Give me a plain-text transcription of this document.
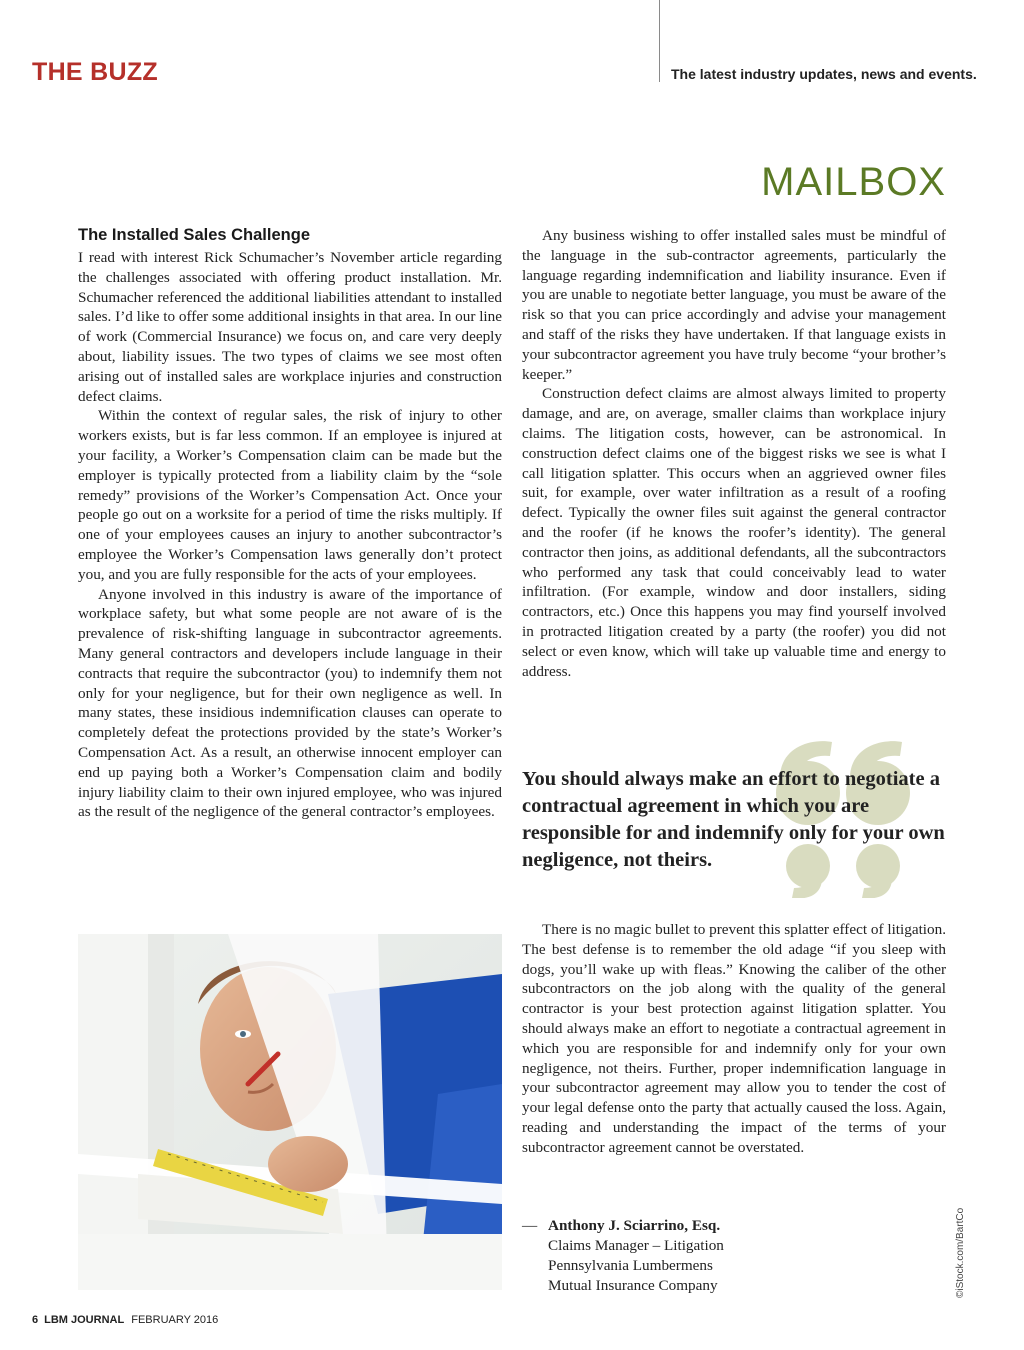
THE BUZZ	The latest industry updates, news and events.
MAILBOX
The Installed Sales Challenge

I read with interest Rick Schumacher’s November article regarding the challenges associated with offering product installation. Mr. Schumacher referenced the additional liabilities attendant to installed sales. I’d like to offer some additional insights in that area. In our line of work (Commercial Insurance) we focus on, and care very deeply about, liability issues. The two types of claims we see most often arising out of installed sales are workplace injuries and construction defect claims.

Within the context of regular sales, the risk of injury to other workers exists, but is far less common. If an employee is injured at your facility, a Worker’s Compensation claim can be made but the employer is typically protected from a liability claim by the “sole remedy” provisions of the Worker’s Compensation Act. Once your people go out on a worksite for a period of time the risks multiply. If one of your employees causes an injury to another subcontractor’s employee the Worker’s Compensation laws generally don’t protect you, and you are fully responsible for the acts of your employees.

Anyone involved in this industry is aware of the importance of workplace safety, but what some people are not aware of is the prevalence of risk-shifting language in subcontractor agreements. Many general contractors and developers include language in their contracts that require the subcontractor (you) to indemnify them not only for your negligence, but for their own negligence as well. In many states, these insidious indemnification clauses can operate to completely defeat the protections provided by the state’s Worker’s Compensation Act. As a result, an otherwise innocent employer can end up paying both a Worker’s Compensation claim and bodily injury liability claim to their own injured employee, who was injured as the result of the negligence of the general contractor’s employees.

Any business wishing to offer installed sales must be mindful of the language in the sub-contractor agreements, particularly the language regarding indemnification and liability insurance. Even if you are unable to negotiate better language, you must be aware of the risk so that you can price accordingly and advise your management and staff of the risks they have undertaken. If that language exists in your subcontractor agreement you have truly become “your brother’s keeper.”

Construction defect claims are almost always limited to property damage, and are, on average, smaller claims than workplace injury claims. The litigation costs, however, can be astronomical. In construction defect claims one of the biggest risks we see is what I call litigation splatter. This occurs when an aggrieved owner files suit, for example, over water infiltration as a result of a roofing defect. Typically the owner files suit against the general contractor and the roofer (if he knows the roofer’s identity). The general contractor then joins, as additional defendants, all the subcontractors who performed any task that could conceivably lead to water infiltration. (For example, window and door installers, siding contractors, etc.) Once this happens you may find yourself involved in protracted litigation created by a party (the roofer) you did not select or even know, which will take up valuable time and energy to address.

You should always make an effort to negotiate a contractual agreement in which you are responsible for and indemnify only for your own negligence, not theirs.

There is no magic bullet to prevent this splatter effect of litigation. The best defense is to remember the old adage “if you sleep with dogs, you’ll wake up with fleas.” Knowing the caliber of the other subcontractors on the job along with the quality of the general contractor is your best protection against litigation splatter. You should always make an effort to negotiate a contractual agreement in which you are responsible for and indemnify only for your own negligence, not theirs. Further, proper indemnification language in your subcontractor agreement may allow you to tender the cost of your legal defense onto the party that actually caused the loss. Again, reading and understanding the impact of the terms of your subcontractor agreement cannot be overstated.

— Anthony J. Sciarrino, Esq.
Claims Manager – Litigation
Pennsylvania Lumbermens
Mutual Insurance Company	©iStock.com/BartCo
6 LBM JOURNAL FEBRUARY 2016
